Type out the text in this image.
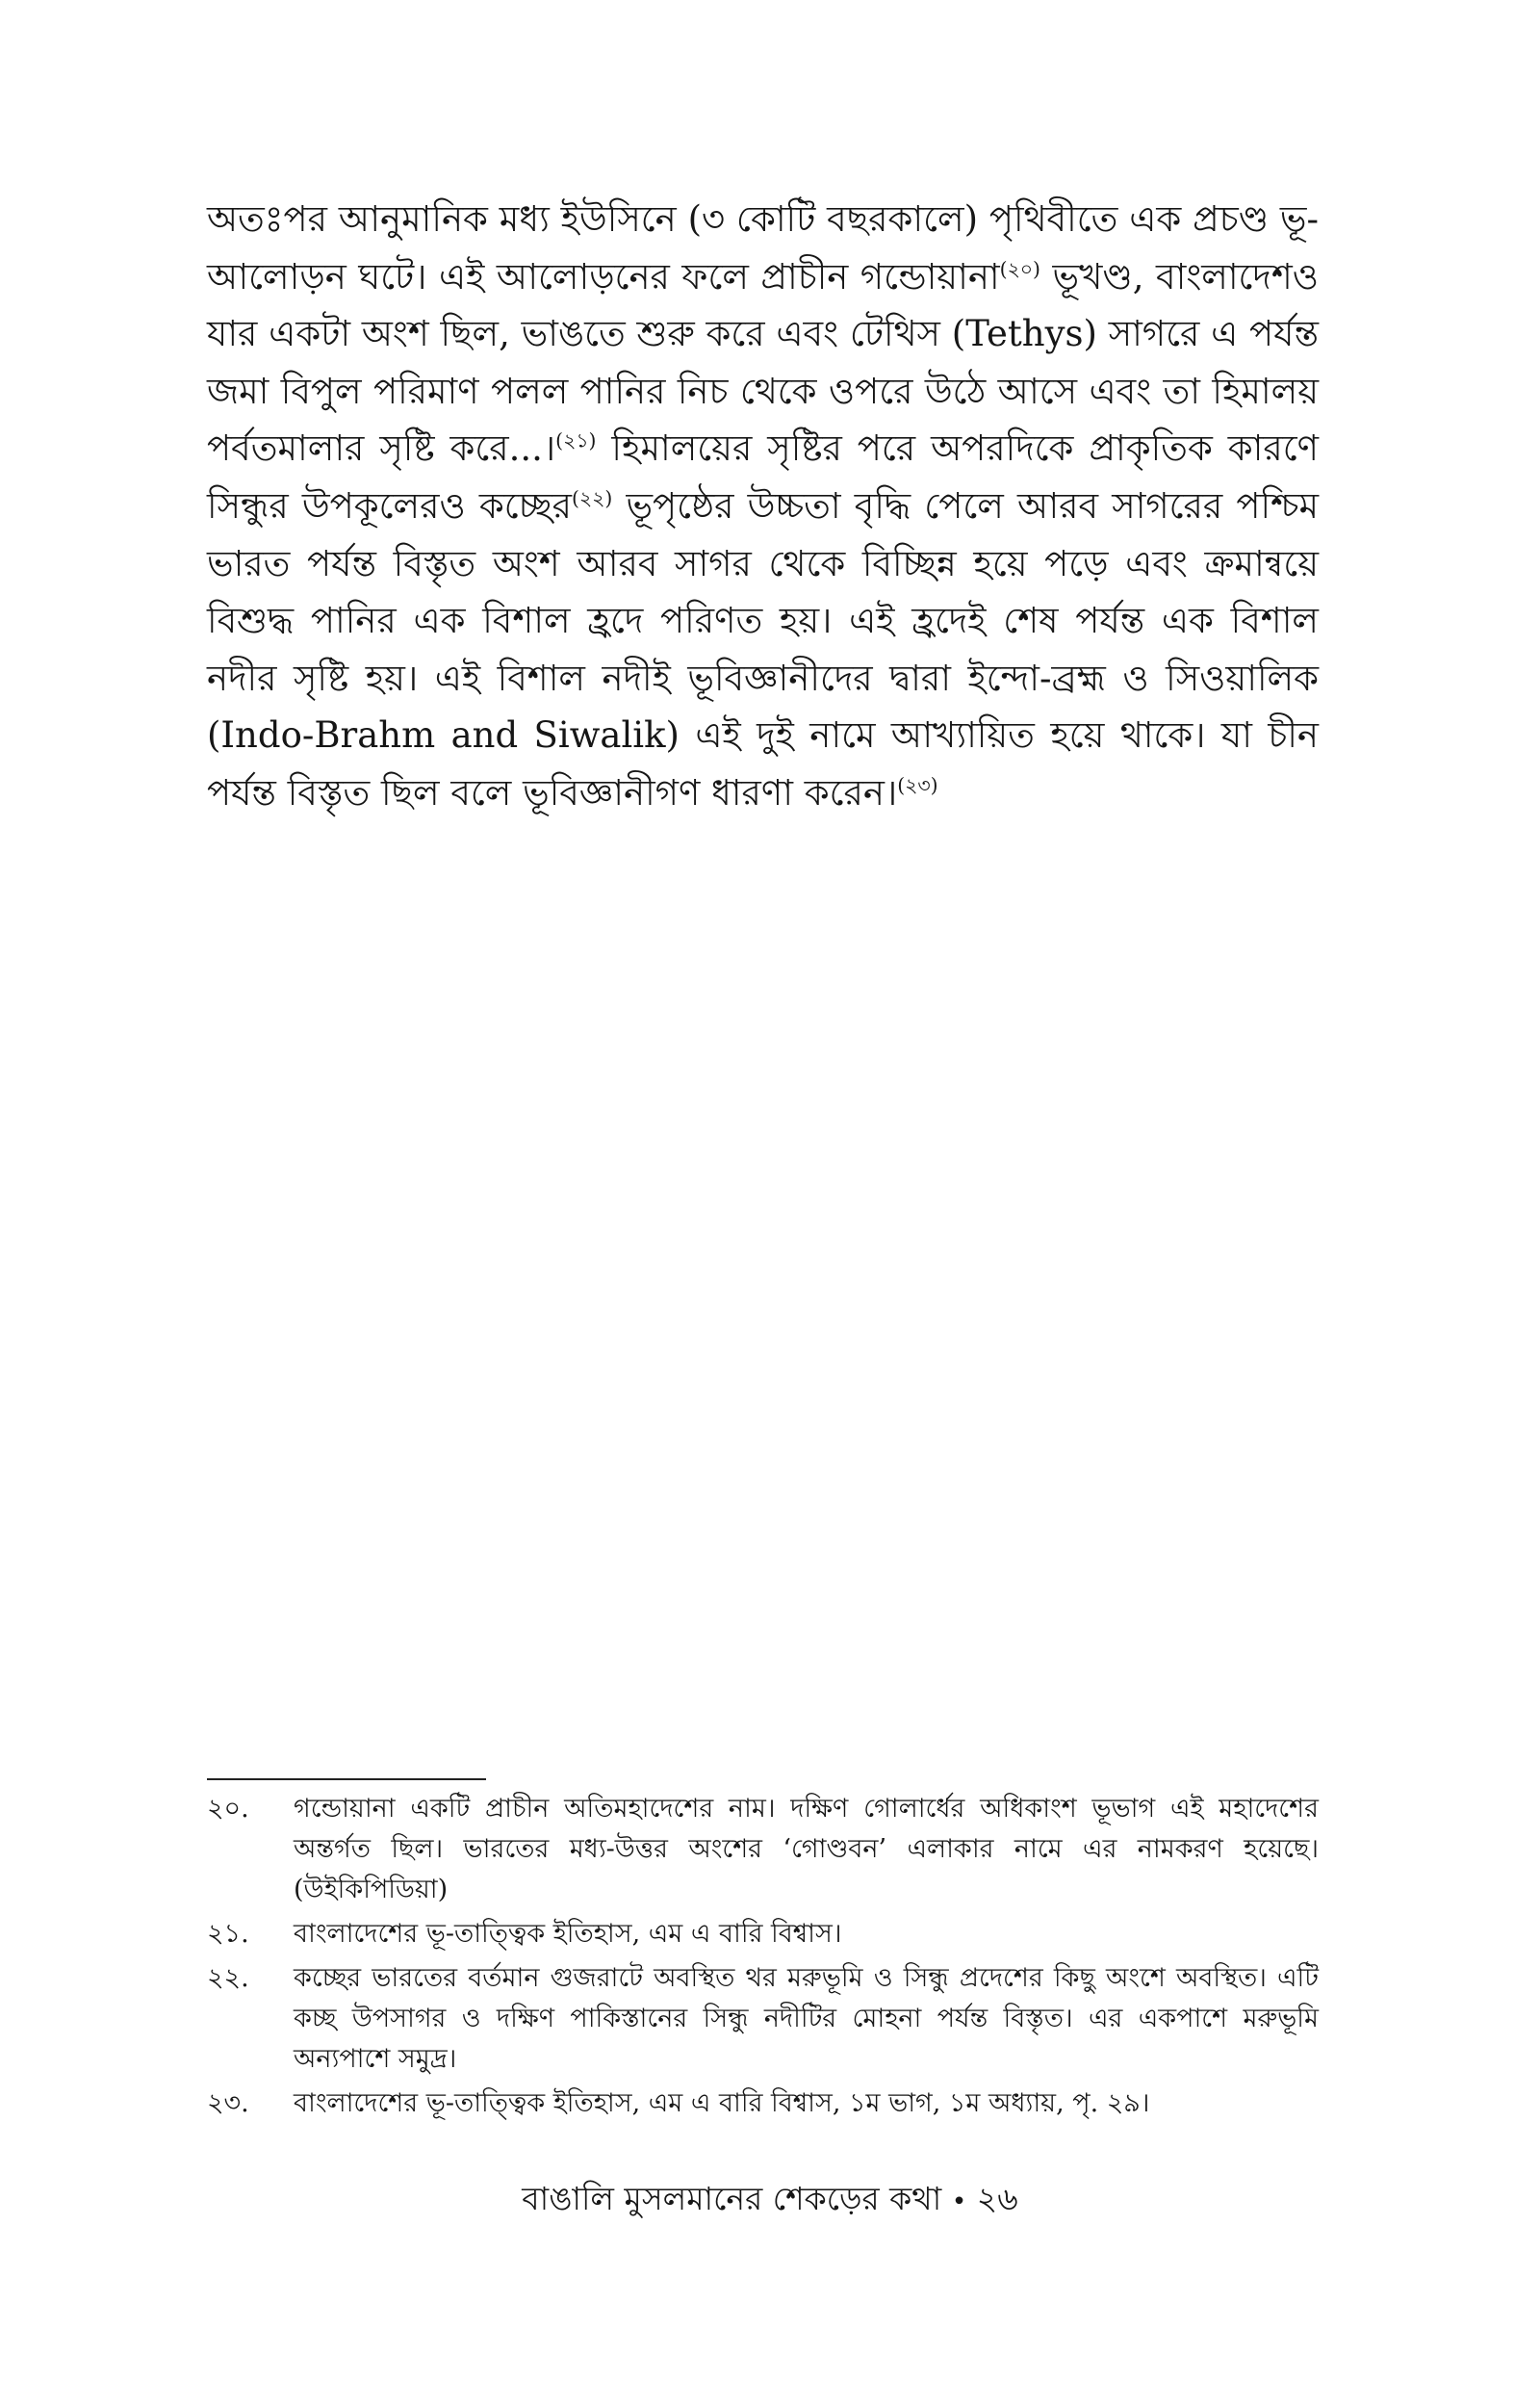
অতঃপর আনুমানিক মধ্য ইউসিনে (৩ কোটি বছরকালে) পৃথিবীতে এক প্রচণ্ড ভূ-আলোড়ন ঘটে। এই আলোড়নের ফলে প্রাচীন গন্ডোয়ানা$^{(২০)}$ ভূখণ্ড, বাংলাদেশও যার একটা অংশ ছিল, ভাঙতে শুরু করে এবং টেথিস (Tethys) সাগরে এ পর্যন্ত জমা বিপুল পরিমাণ পলল পানির নিচ থেকে ওপরে উঠে আসে এবং তা হিমালয় পর্বতমালার সৃষ্টি করে...।$^{(২১)}$ হিমালয়ের সৃষ্টির পরে অপরদিকে প্রাকৃতিক কারণে সিন্ধুর উপকূলেরও কচ্ছের$^{(২২)}$ ভূপৃষ্ঠের উচ্চতা বৃদ্ধি পেলে আরব সাগরের পশ্চিম ভারত পর্যন্ত বিস্তৃত অংশ আরব সাগর থেকে বিচ্ছিন্ন হয়ে পড়ে এবং ক্রমান্বয়ে বিশুদ্ধ পানির এক বিশাল হ্রদে পরিণত হয়। এই হ্রদেই শেষ পর্যন্ত এক বিশাল নদীর সৃষ্টি হয়। এই বিশাল নদীই ভূবিজ্ঞানীদের দ্বারা ইন্দো-ব্রহ্ম ও সিওয়ালিক (Indo-Brahm and Siwalik) এই দুই নামে আখ্যায়িত হয়ে থাকে। যা চীন পর্যন্ত বিস্তৃত ছিল বলে ভূবিজ্ঞানীগণ ধারণা করেন।$^{(২৩)}$

২০.	গন্ডোয়ানা একটি প্রাচীন অতিমহাদেশের নাম। দক্ষিণ গোলার্ধের অধিকাংশ ভূভাগ এই মহাদেশের অন্তর্গত ছিল। ভারতের মধ্য-উত্তর অংশের ‘গোণ্ডবন’ এলাকার নামে এর নামকরণ হয়েছে। (উইকিপিডিয়া)
২১.	বাংলাদেশের ভূ-তাত্ত্বিক ইতিহাস, এম এ বারি বিশ্বাস।
২২.	কচ্ছের ভারতের বর্তমান গুজরাটে অবস্থিত থর মরুভূমি ও সিন্ধু প্রদেশের কিছু অংশে অবস্থিত। এটি কচ্ছ উপসাগর ও দক্ষিণ পাকিস্তানের সিন্ধু নদীটির মোহনা পর্যন্ত বিস্তৃত। এর একপাশে মরুভূমি অন্যপাশে সমুদ্র।
২৩.	বাংলাদেশের ভূ-তাত্ত্বিক ইতিহাস, এম এ বারি বিশ্বাস, ১ম ভাগ, ১ম অধ্যায়, পৃ. ২৯।
বাঙালি মুসলমানের শেকড়ের কথা • ২৬
